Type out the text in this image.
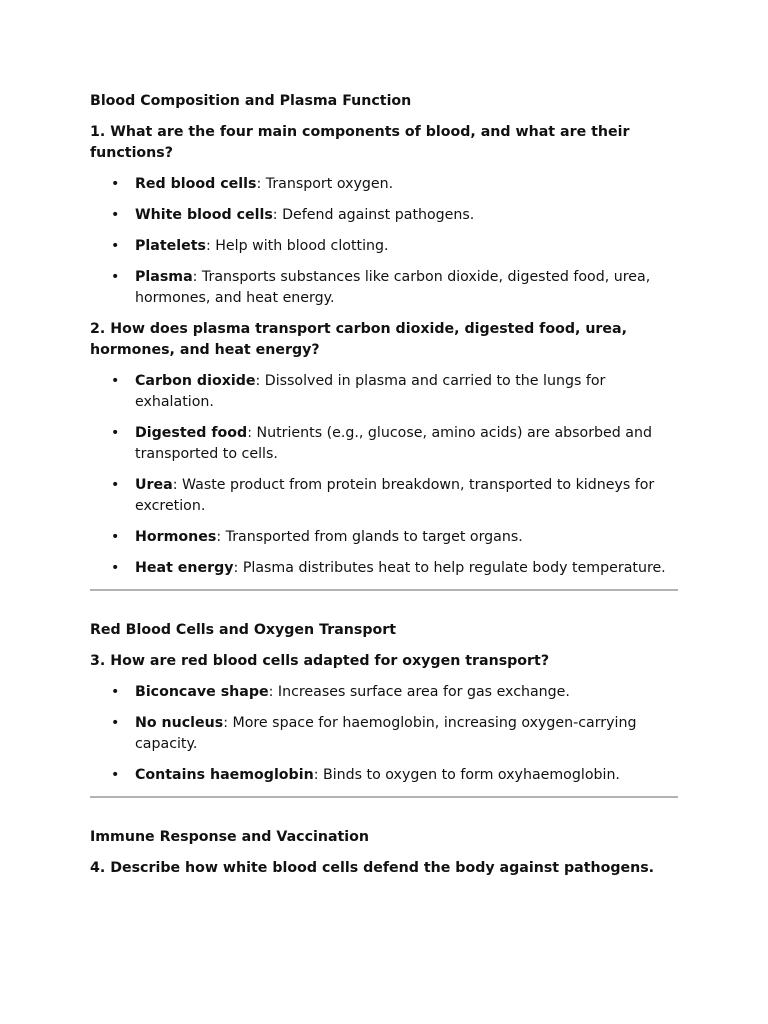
Blood Composition and Plasma Function
1. What are the four main components of blood, and what are their functions?
• Red blood cells: Transport oxygen.
• White blood cells: Defend against pathogens.
• Platelets: Help with blood clotting.
• Plasma: Transports substances like carbon dioxide, digested food, urea, hormones, and heat energy.
2. How does plasma transport carbon dioxide, digested food, urea, hormones, and heat energy?
• Carbon dioxide: Dissolved in plasma and carried to the lungs for exhalation.
• Digested food: Nutrients (e.g., glucose, amino acids) are absorbed and transported to cells.
• Urea: Waste product from protein breakdown, transported to kidneys for excretion.
• Hormones: Transported from glands to target organs.
• Heat energy: Plasma distributes heat to help regulate body temperature.
Red Blood Cells and Oxygen Transport
3. How are red blood cells adapted for oxygen transport?
• Biconcave shape: Increases surface area for gas exchange.
• No nucleus: More space for haemoglobin, increasing oxygen-carrying capacity.
• Contains haemoglobin: Binds to oxygen to form oxyhaemoglobin.
Immune Response and Vaccination
4. Describe how white blood cells defend the body against pathogens.
